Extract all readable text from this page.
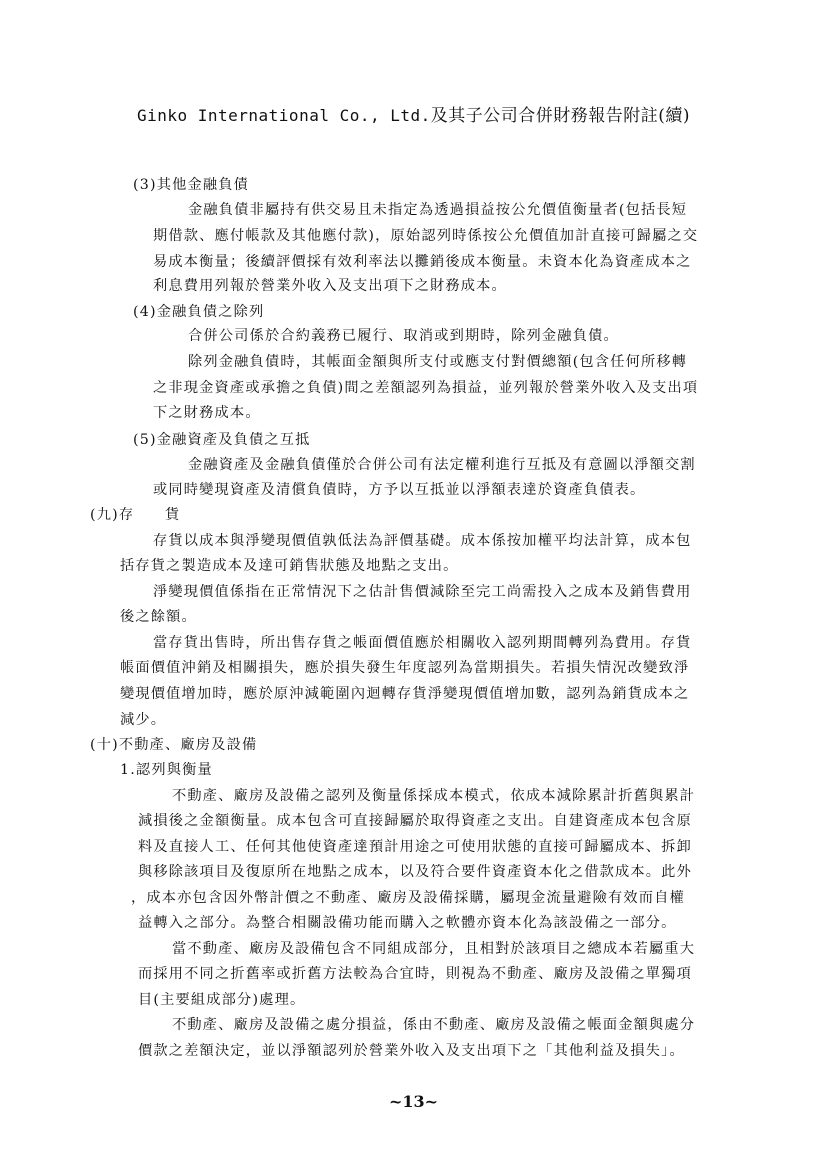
Ginko International Co., Ltd.及其子公司合併財務報告附註(續)
(3)其他金融負債
金融負債非屬持有供交易且未指定為透過損益按公允價值衡量者(包括長短
期借款、應付帳款及其他應付款)，原始認列時係按公允價值加計直接可歸屬之交
易成本衡量；後續評價採有效利率法以攤銷後成本衡量。未資本化為資產成本之
利息費用列報於營業外收入及支出項下之財務成本。
(4)金融負債之除列
合併公司係於合約義務已履行、取消或到期時，除列金融負債。
除列金融負債時，其帳面金額與所支付或應支付對價總額(包含任何所移轉
之非現金資產或承擔之負債)間之差額認列為損益，並列報於營業外收入及支出項
下之財務成本。
(5)金融資產及負債之互抵
金融資產及金融負債僅於合併公司有法定權利進行互抵及有意圖以淨額交割
或同時變現資產及清償負債時，方予以互抵並以淨額表達於資產負債表。
(九)存　　貨
存貨以成本與淨變現價值孰低法為評價基礎。成本係按加權平均法計算，成本包
括存貨之製造成本及達可銷售狀態及地點之支出。
淨變現價值係指在正常情況下之估計售價減除至完工尚需投入之成本及銷售費用
後之餘額。
當存貨出售時，所出售存貨之帳面價值應於相關收入認列期間轉列為費用。存貨
帳面價值沖銷及相關損失，應於損失發生年度認列為當期損失。若損失情況改變致淨
變現價值增加時，應於原沖減範圍內迴轉存貨淨變現價值增加數，認列為銷貨成本之
減少。
(十)不動產、廠房及設備
1.認列與衡量
不動產、廠房及設備之認列及衡量係採成本模式，依成本減除累計折舊與累計
減損後之金額衡量。成本包含可直接歸屬於取得資產之支出。自建資產成本包含原
料及直接人工、任何其他使資產達預計用途之可使用狀態的直接可歸屬成本、拆卸
與移除該項目及復原所在地點之成本，以及符合要件資產資本化之借款成本。此外
，成本亦包含因外幣計價之不動產、廠房及設備採購，屬現金流量避險有效而自權
益轉入之部分。為整合相關設備功能而購入之軟體亦資本化為該設備之一部分。
當不動產、廠房及設備包含不同組成部分，且相對於該項目之總成本若屬重大
而採用不同之折舊率或折舊方法較為合宜時，則視為不動產、廠房及設備之單獨項
目(主要組成部分)處理。
不動產、廠房及設備之處分損益，係由不動產、廠房及設備之帳面金額與處分
價款之差額決定，並以淨額認列於營業外收入及支出項下之「其他利益及損失」。
~13~
